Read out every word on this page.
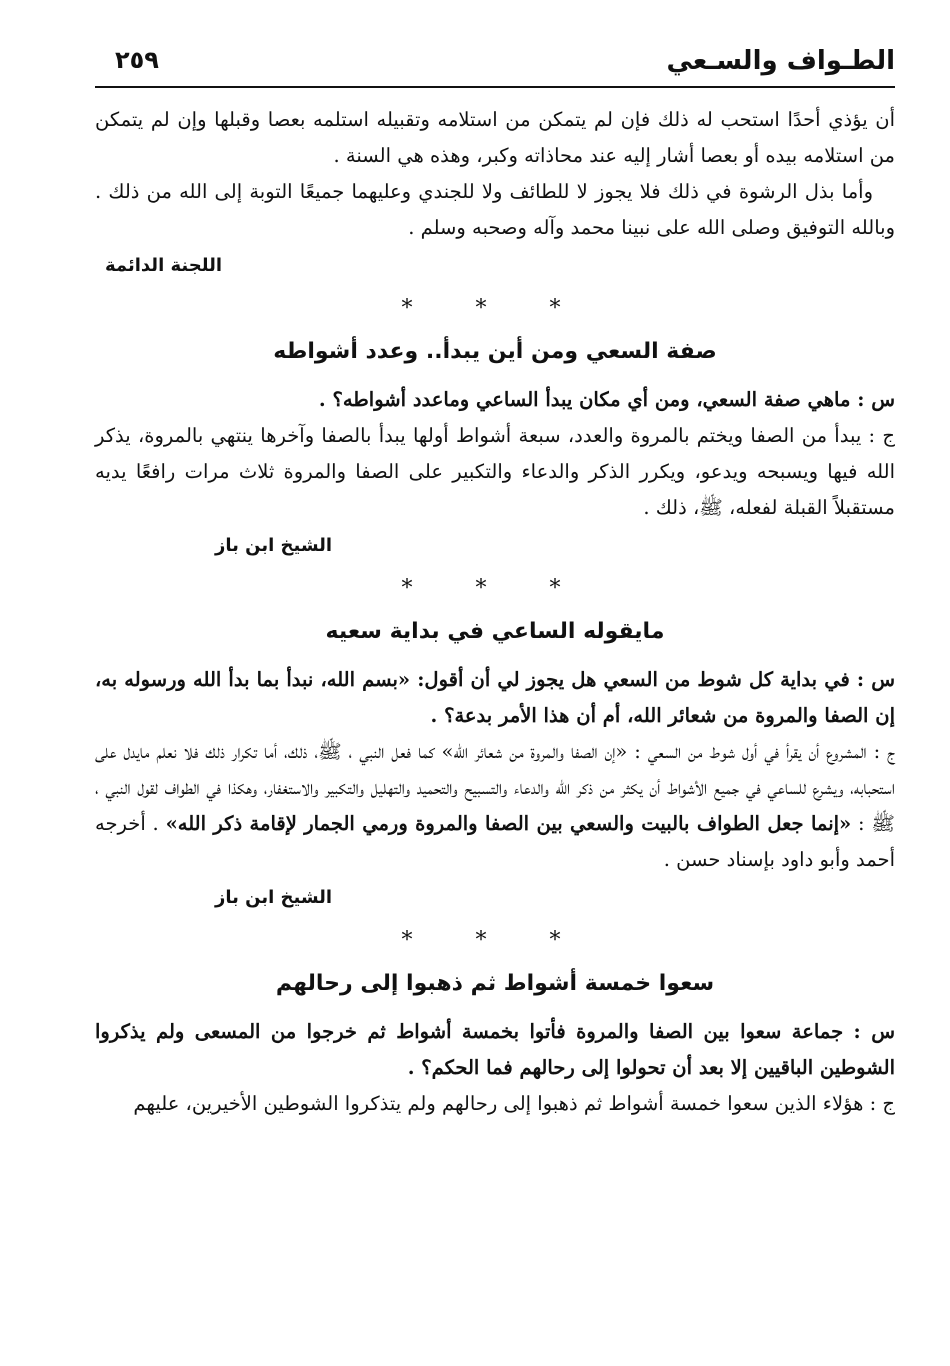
الطـواف والسـعي
٢٥٩

أن يؤذي أحدًا استحب له ذلك فإن لم يتمكن من استلامه وتقبيله استلمه بعصا وقبلها وإن لم يتمكن من استلامه بيده أو بعصا أشار إليه عند محاذاته وكبر، وهذه هي السنة .

وأما بذل الرشوة في ذلك فلا يجوز لا للطائف ولا للجندي وعليهما جميعًا التوبة إلى الله من ذلك . وبالله التوفيق وصلى الله على نبينا محمد وآله وصحبه وسلم .

اللجنة الدائمة
* * *
صفة السعي ومن أين يبدأ.. وعدد أشواطه

س : ماهي صفة السعي، ومن أي مكان يبدأ الساعي وماعدد أشواطه؟ .

ج : يبدأ من الصفا ويختم بالمروة والعدد، سبعة أشواط أولها يبدأ بالصفا وآخرها ينتهي بالمروة، يذكر الله فيها ويسبحه ويدعو، ويكرر الذكر والدعاء والتكبير على الصفا والمروة ثلاث مرات رافعًا يديه مستقبلاً القبلة لفعله، ﷺ، ذلك .

الشيخ ابن باز
* * *
مايقوله الساعي في بداية سعيه

س : في بداية كل شوط من السعي هل يجوز لي أن أقول: «بسم الله، نبدأ بما بدأ الله ورسوله به، إن الصفا والمروة من شعائر الله، أم أن هذا الأمر بدعة؟ .

ج : المشروع أن يقرأ في أول شوط من السعي : «إن الصفا والمروة من شعائر الله» كما فعل النبي ، ﷺ، ذلك، أما تكرار ذلك فلا نعلم مايدل على استحبابه، ويشرع للساعي في جميع الأشواط أن يكثر من ذكر الله والدعاء والتسبيح والتحميد والتهليل والتكبير والاستغفار، وهكذا في الطواف لقول النبي ، ﷺ : «إنما جعل الطواف بالبيت والسعي بين الصفا والمروة ورمي الجمار لإقامة ذكر الله» . أخرجه أحمد وأبو داود بإسناد حسن .

الشيخ ابن باز
* * *
سعوا خمسة أشواط ثم ذهبوا إلى رحالهم

س : جماعة سعوا بين الصفا والمروة فأتوا بخمسة أشواط ثم خرجوا من المسعى ولم يذكروا الشوطين الباقيين إلا بعد أن تحولوا إلى رحالهم فما الحكم؟ .

ج : هؤلاء الذين سعوا خمسة أشواط ثم ذهبوا إلى رحالهم ولم يتذكروا الشوطين الأخيرين، عليهم
